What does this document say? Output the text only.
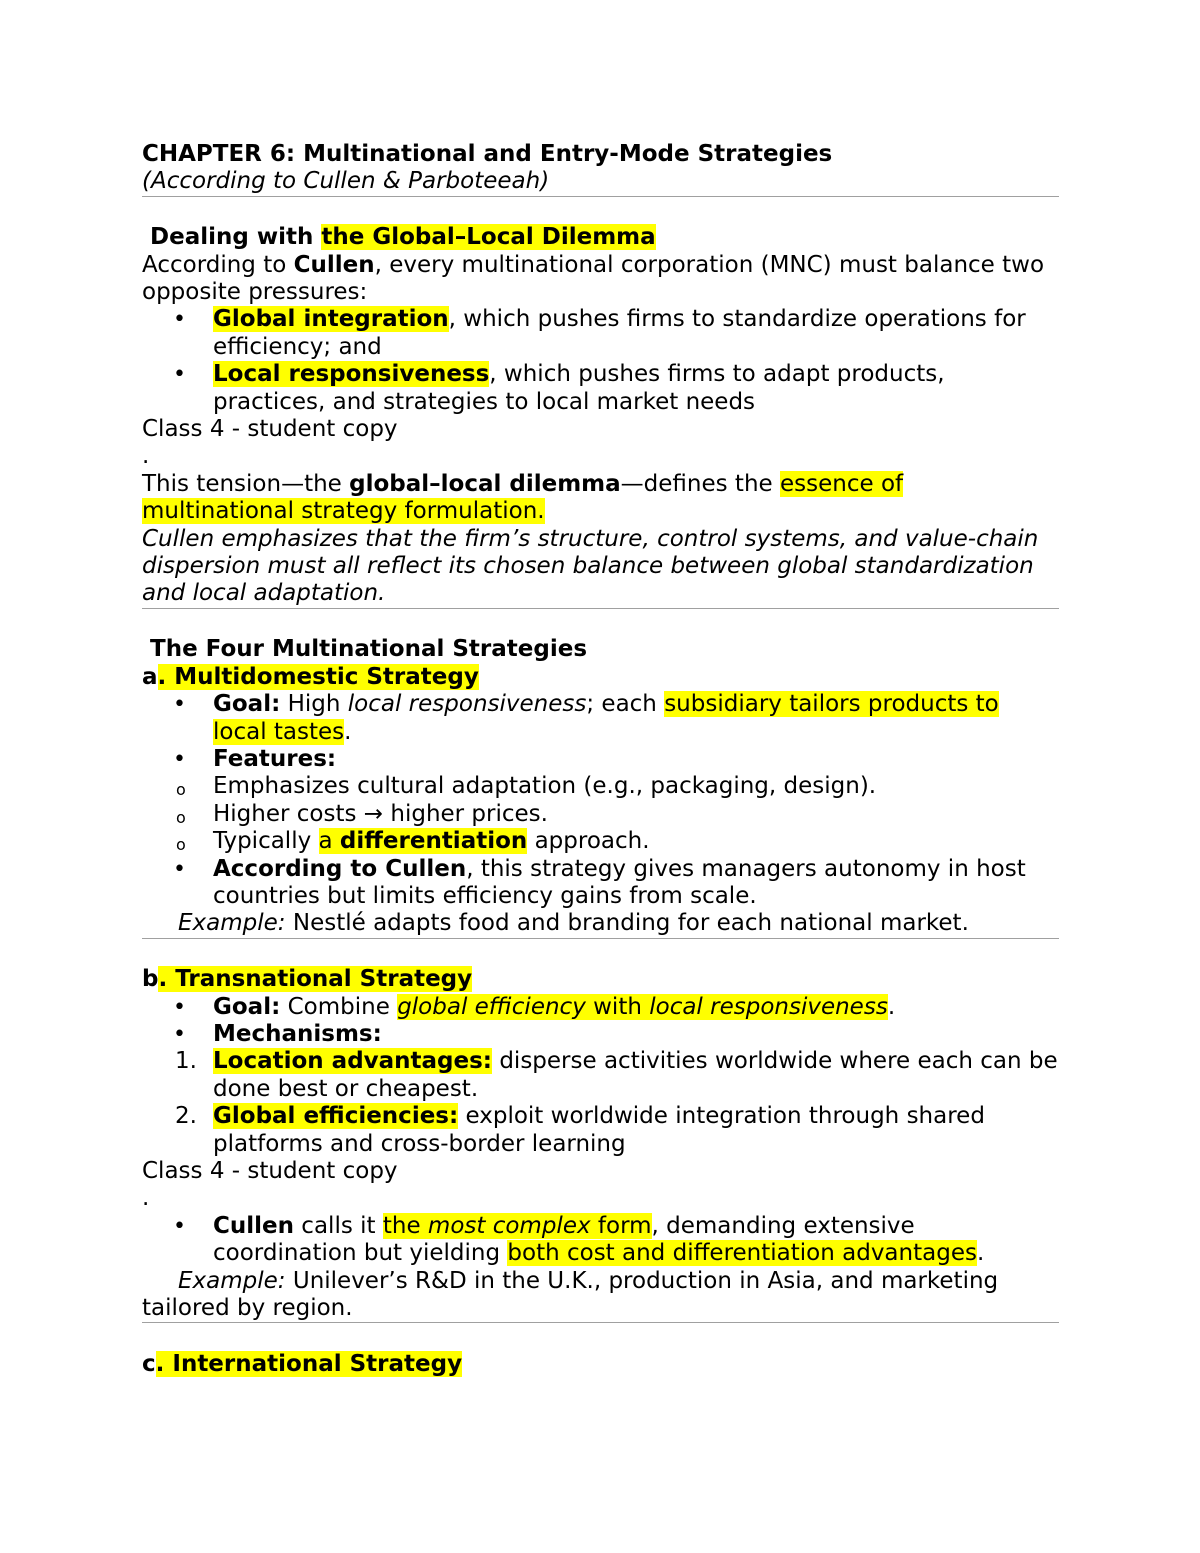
CHAPTER 6: Multinational and Entry-Mode Strategies

(According to Cullen & Parboteeah)

Dealing with the Global–Local Dilemma

According to Cullen, every multinational corporation (MNC) must balance two opposite pressures:

• Global integration, which pushes firms to standardize operations for efficiency; and
• Local responsiveness, which pushes firms to adapt products, practices, and strategies to local market needs

Class 4 - student copy

.

This tension—the global–local dilemma—defines the essence of multinational strategy formulation.

Cullen emphasizes that the firm’s structure, control systems, and value-chain dispersion must all reflect its chosen balance between global standardization and local adaptation.

The Four Multinational Strategies

a. Multidomestic Strategy

• Goal: High local responsiveness; each subsidiary tailors products to local tastes.
• Features:
o Emphasizes cultural adaptation (e.g., packaging, design).
o Higher costs → higher prices.
o Typically a differentiation approach.
• According to Cullen, this strategy gives managers autonomy in host countries but limits efficiency gains from scale.

Example: Nestlé adapts food and branding for each national market.

b. Transnational Strategy

• Goal: Combine global efficiency with local responsiveness.
• Mechanisms:
1. Location advantages: disperse activities worldwide where each can be done best or cheapest.
2. Global efficiencies: exploit worldwide integration through shared platforms and cross-border learning

Class 4 - student copy

.

• Cullen calls it the most complex form, demanding extensive coordination but yielding both cost and differentiation advantages.

Example: Unilever’s R&D in the U.K., production in Asia, and marketing tailored by region.

c. International Strategy
